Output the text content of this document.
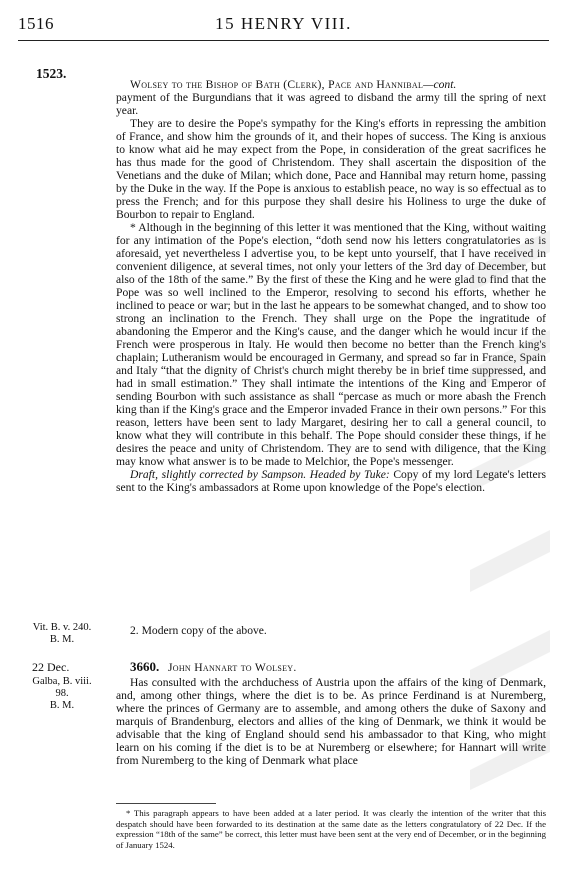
1516	15 HENRY VIII.
1523.
Wolsey to the Bishop of Bath (Clerk), Pace and Hannibal—cont.

payment of the Burgundians that it was agreed to disband the army till the spring of next year.

They are to desire the Pope's sympathy for the King's efforts in repressing the ambition of France, and show him the grounds of it, and their hopes of success. The King is anxious to know what aid he may expect from the Pope, in consideration of the great sacrifices he has thus made for the good of Christendom. They shall ascertain the disposition of the Venetians and the duke of Milan; which done, Pace and Hannibal may return home, passing by the Duke in the way. If the Pope is anxious to establish peace, no way is so effectual as to press the French; and for this purpose they shall desire his Holiness to urge the duke of Bourbon to repair to England.

* Although in the beginning of this letter it was mentioned that the King, without waiting for any intimation of the Pope's election, “doth send now his letters congratulatories as is aforesaid, yet nevertheless I advertise you, to be kept unto yourself, that I have received in convenient diligence, at several times, not only your letters of the 3rd day of December, but also of the 18th of the same.” By the first of these the King and he were glad to find that the Pope was so well inclined to the Emperor, resolving to second his efforts, whether he inclined to peace or war; but in the last he appears to be somewhat changed, and to show too strong an inclination to the French. They shall urge on the Pope the ingratitude of abandoning the Emperor and the King's cause, and the danger which he would incur if the French were prosperous in Italy. He would then become no better than the French king's chaplain; Lutheranism would be encouraged in Germany, and spread so far in France, Spain and Italy “that the dignity of Christ's church might thereby be in brief time suppressed, and had in small estimation.” They shall intimate the intentions of the King and Emperor of sending Bourbon with such assistance as shall “percase as much or more abash the French king than if the King's grace and the Emperor invaded France in their own persons.” For this reason, letters have been sent to lady Margaret, desiring her to call a general council, to know what they will contribute in this behalf. The Pope should consider these things, if he desires the peace and unity of Christendom. They are to send with diligence, that the King may know what answer is to be made to Melchior, the Pope's messenger.

Draft, slightly corrected by Sampson. Headed by Tuke: Copy of my lord Legate's letters sent to the King's ambassadors at Rome upon knowledge of the Pope's election.

Vit. B. v. 240.
B. M.

2. Modern copy of the above.

22 Dec.	3660. John Hannart to Wolsey.

Galba, B. viii.
98.
B. M.

Has consulted with the archduchess of Austria upon the affairs of the king of Denmark, and, among other things, where the diet is to be. As prince Ferdinand is at Nuremberg, where the princes of Germany are to assemble, and among others the duke of Saxony and marquis of Brandenburg, electors and allies of the king of Denmark, we think it would be advisable that the king of England should send his ambassador to that King, who might learn on his coming if the diet is to be at Nuremberg or elsewhere; for Hannart will write from Nuremberg to the king of Denmark what place

* This paragraph appears to have been added at a later period. It was clearly the intention of the writer that this despatch should have been forwarded to its destination at the same date as the letters congratulatory of 22 Dec. If the expression “18th of the same” be correct, this letter must have been sent at the very end of December, or in the beginning of January 1524.
